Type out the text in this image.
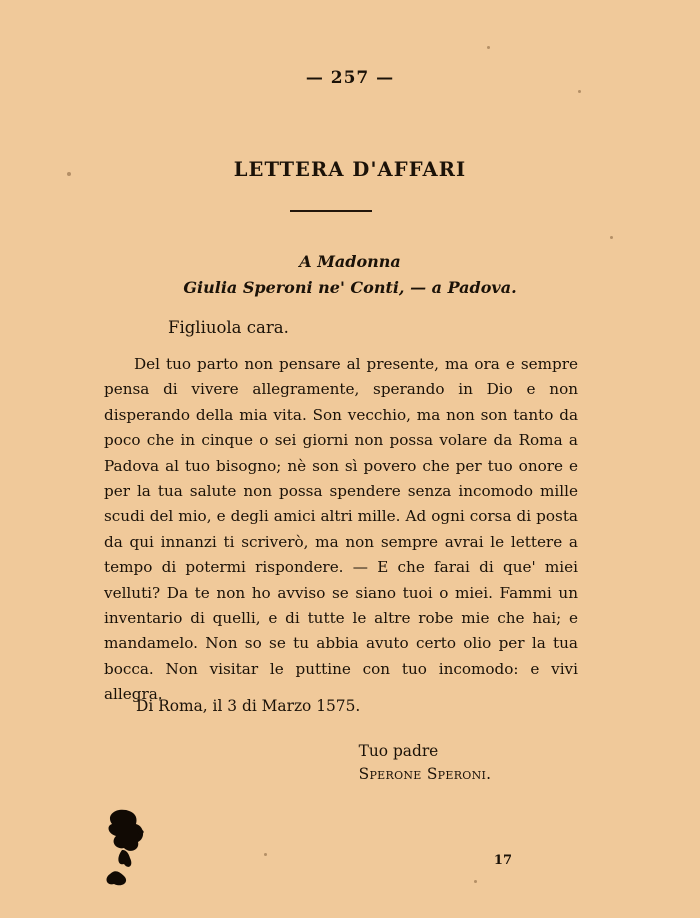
— 257 —
LETTERA D'AFFARI
A Madonna
Giulia Speroni ne' Conti, — a Padova.
Figliuola cara.

Del tuo parto non pensare al presente, ma ora e sempre pensa di vivere allegramente, sperando in Dio e non disperando della mia vita. Son vecchio, ma non son tanto da poco che in cinque o sei giorni non possa volare da Roma a Padova al tuo bisogno; nè son sì povero che per tuo onore e per la tua salute non possa spendere senza incomodo mille scudi del mio, e degli amici altri mille. Ad ogni corsa di posta da qui innanzi ti scriverò, ma non sempre avrai le lettere a tempo di potermi rispondere. — E che farai di que' miei velluti? Da te non ho avviso se siano tuoi o miei. Fammi un inventario di quelli, e di tutte le altre robe mie che hai; e mandamelo. Non so se tu abbia avuto certo olio per la tua bocca. Non visitar le puttine con tuo incomodo: e vivi allegra.

Di Roma, il 3 di Marzo 1575.
Tuo padre
Sperone Speroni.
17
